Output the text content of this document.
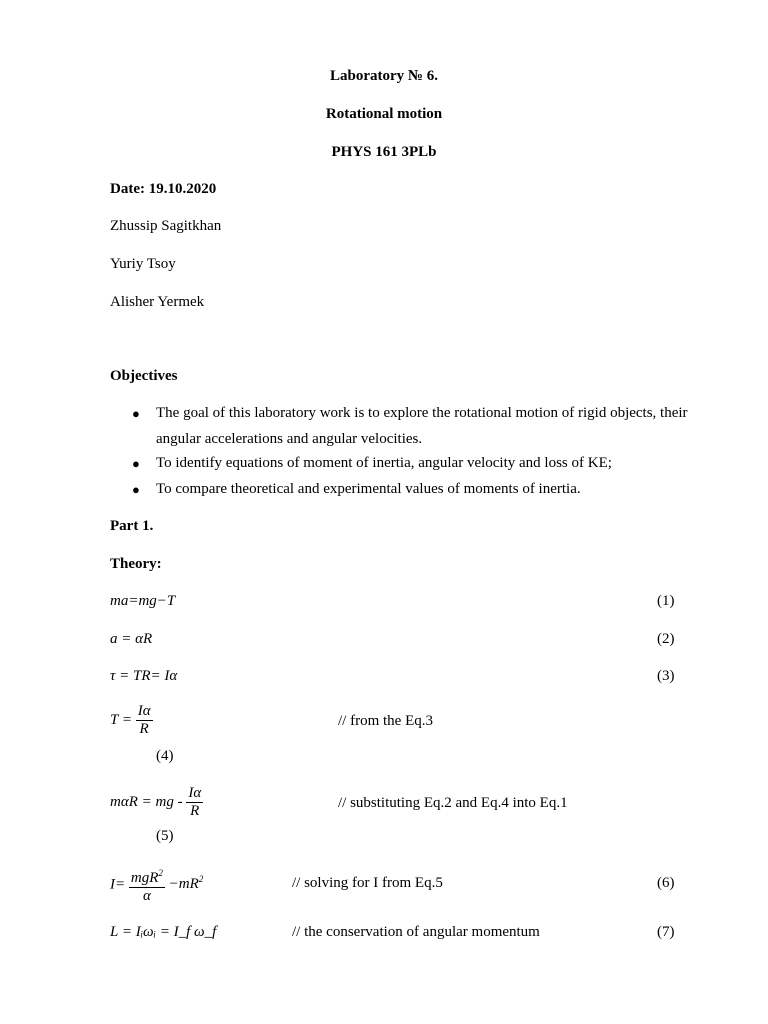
Laboratory № 6.
Rotational motion
PHYS 161 3PLb
Date: 19.10.2020
Zhussip Sagitkhan
Yuriy Tsoy
Alisher Yermek
Objectives
● The goal of this laboratory work is to explore the rotational motion of rigid objects, their
angular accelerations and angular velocities.
● To identify equations of moment of inertia, angular velocity and loss of KE;
● To compare theoretical and experimental values of moments of inertia.
Part 1.
Theory:
ma=mg−T	(1)
a = αR	(2)
τ = TR= Iα	(3)
$T = \frac{I\alpha}{R}$	// from the Eq.3
(4)
mαR = mg - $\frac{I\alpha}{R}$	// substituting Eq.2 and Eq.4 into Eq.1
(5)
$I= \frac{mgR^2}{\alpha} -mR^2$	// solving for I from Eq.5	(6)
L = Iᵢωᵢ = I_f ω_f	// the conservation of angular momentum	(7)
